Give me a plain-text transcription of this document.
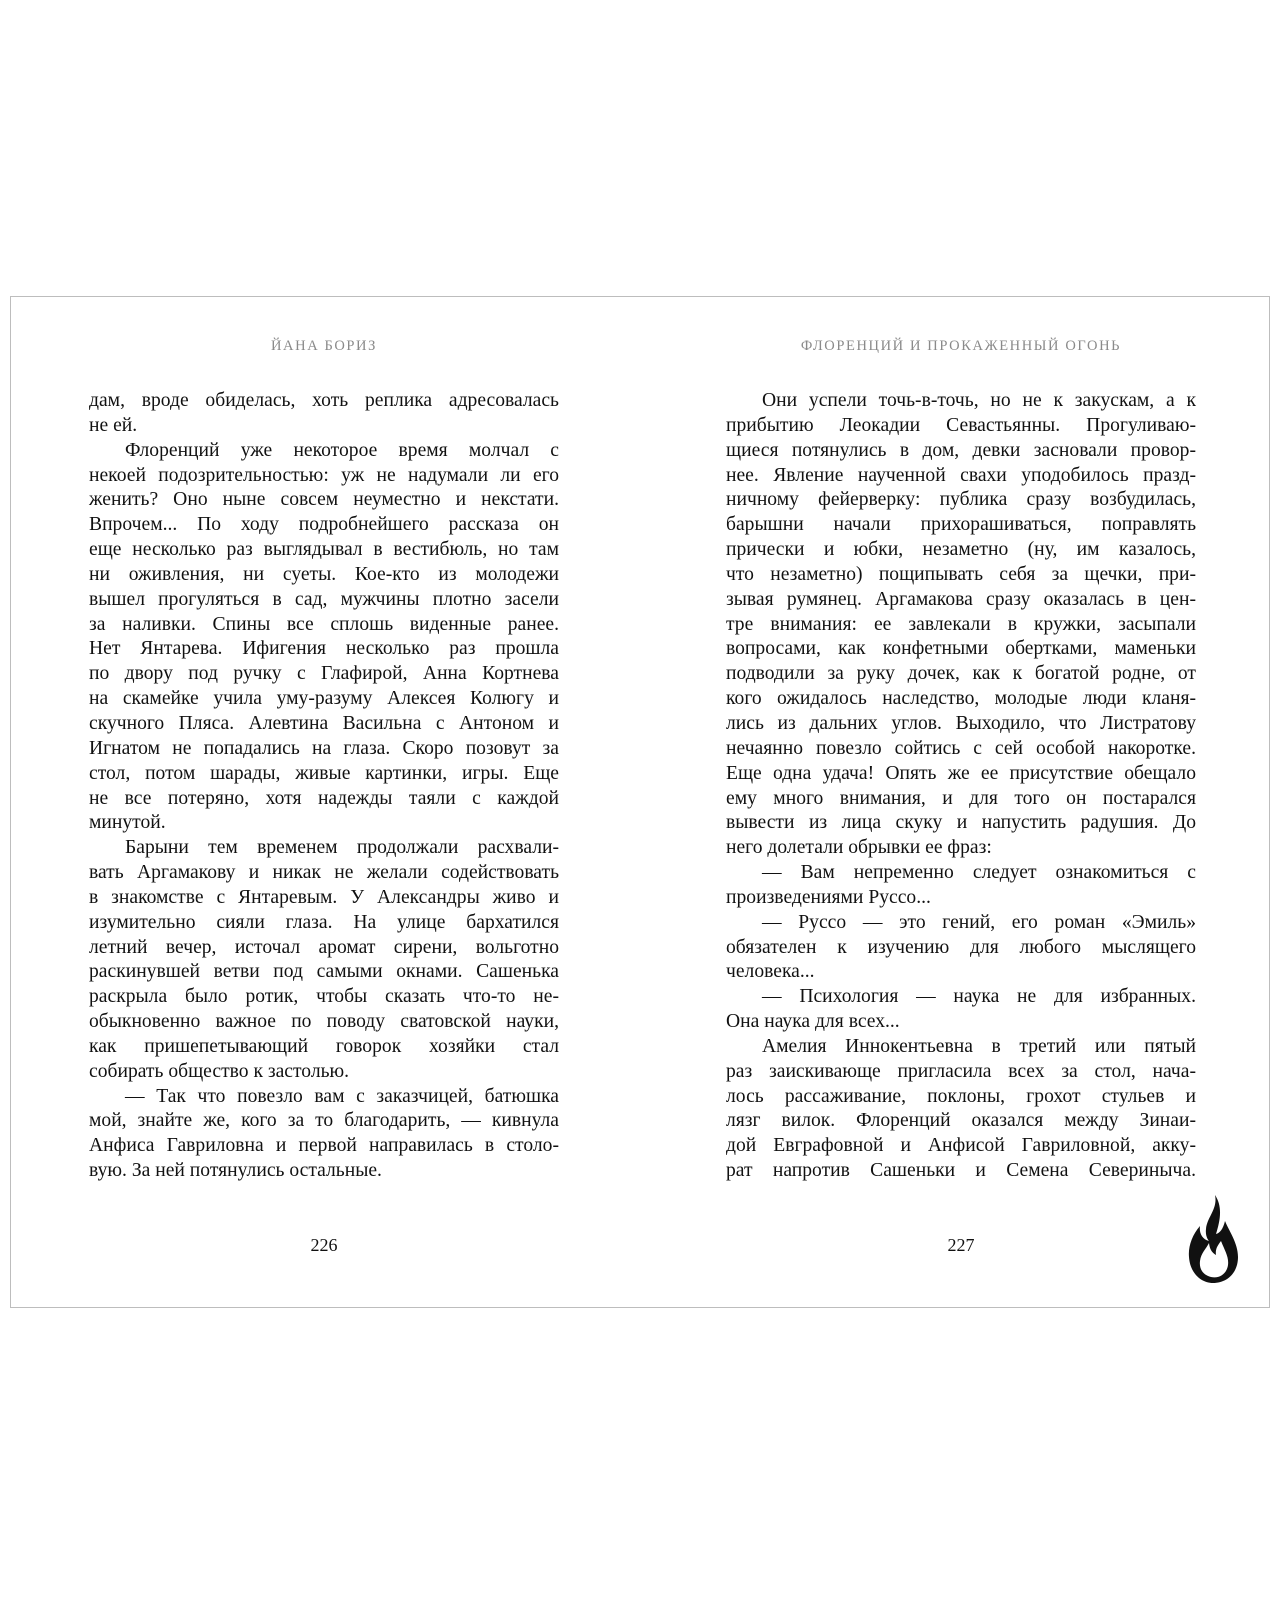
ЙАНА БОРИЗ

дам, вроде обиделась, хоть реплика адресовалась

не ей.

Флоренций уже некоторое время молчал с

некоей подозрительностью: уж не надумали ли его

женить? Оно ныне совсем неуместно и некстати.

Впрочем... По ходу подробнейшего рассказа он

еще несколько раз выглядывал в вестибюль, но там

ни оживления, ни суеты. Кое-кто из молодежи

вышел прогуляться в сад, мужчины плотно засели

за наливки. Спины все сплошь виденные ранее.

Нет Янтарева. Ифигения несколько раз прошла

по двору под ручку с Глафирой, Анна Кортнева

на скамейке учила уму-разуму Алексея Колюгу и

скучного Пляса. Алевтина Васильна с Антоном и

Игнатом не попадались на глаза. Скоро позовут за

стол, потом шарады, живые картинки, игры. Еще

не все потеряно, хотя надежды таяли с каждой

минутой.

Барыни тем временем продолжали расхвали-

вать Аргамакову и никак не желали содействовать

в знакомстве с Янтаревым. У Александры живо и

изумительно сияли глаза. На улице бархатился

летний вечер, источал аромат сирени, вольготно

раскинувшей ветви под самыми окнами. Сашенька

раскрыла было ротик, чтобы сказать что-то не-

обыкновенно важное по поводу сватовской науки,

как пришепетывающий говорок хозяйки стал

собирать общество к застолью.

— Так что повезло вам с заказчицей, батюшка

мой, знайте же, кого за то благодарить, — кивнула

Анфиса Гавриловна и первой направилась в столо-

вую. За ней потянулись остальные.

226
ФЛОРЕНЦИЙ И ПРОКАЖЕННЫЙ ОГОНЬ

Они успели точь-в-точь, но не к закускам, а к

прибытию Леокадии Севастьянны. Прогуливаю-

щиеся потянулись в дом, девки засновали провор-

нее. Явление наученной свахи уподобилось празд-

ничному фейерверку: публика сразу возбудилась,

барышни начали прихорашиваться, поправлять

прически и юбки, незаметно (ну, им казалось,

что незаметно) пощипывать себя за щечки, при-

зывая румянец. Аргамакова сразу оказалась в цен-

тре внимания: ее завлекали в кружки, засыпали

вопросами, как конфетными обертками, маменьки

подводили за руку дочек, как к богатой родне, от

кого ожидалось наследство, молодые люди кланя-

лись из дальних углов. Выходило, что Листратову

нечаянно повезло сойтись с сей особой накоротке.

Еще одна удача! Опять же ее присутствие обещало

ему много внимания, и для того он постарался

вывести из лица скуку и напустить радушия. До

него долетали обрывки ее фраз:

— Вам непременно следует ознакомиться с

произведениями Руссо...

— Руссо — это гений, его роман «Эмиль»

обязателен к изучению для любого мыслящего

человека...

— Психология — наука не для избранных.

Она наука для всех...

Амелия Иннокентьевна в третий или пятый

раз заискивающе пригласила всех за стол, нача-

лось рассаживание, поклоны, грохот стульев и

лязг вилок. Флоренций оказался между Зинаи-

дой Евграфовной и Анфисой Гавриловной, акку-

рат напротив Сашеньки и Семена Севериныча.

227
